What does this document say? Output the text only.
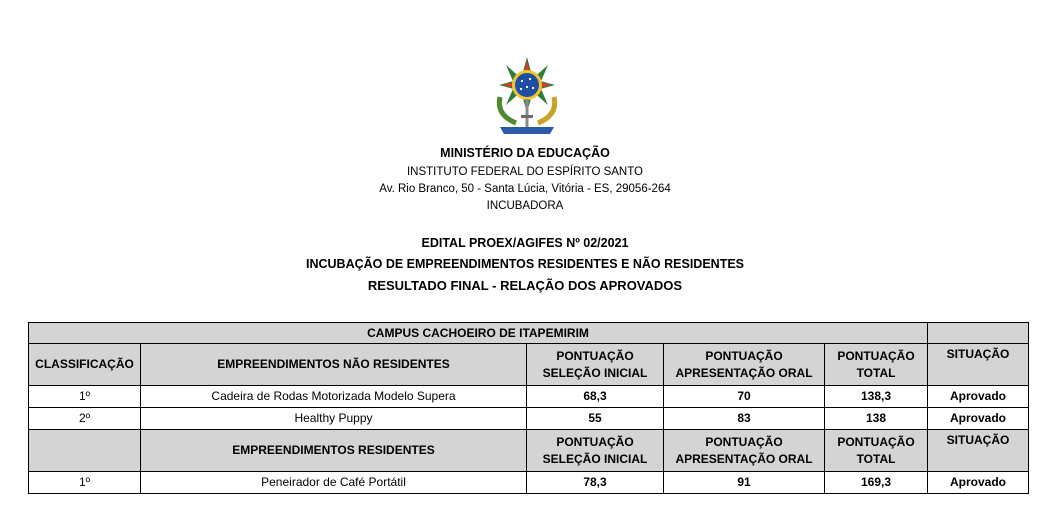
MINISTÉRIO DA EDUCAÇÃO
INSTITUTO FEDERAL DO ESPÍRITO SANTO
Av. Rio Branco, 50 - Santa Lúcia, Vitória - ES, 29056-264
INCUBADORA
EDITAL PROEX/AGIFES Nº 02/2021
INCUBAÇÃO DE EMPREENDIMENTOS RESIDENTES E NÃO RESIDENTES
RESULTADO FINAL - RELAÇÃO DOS APROVADOS
CAMPUS CACHOEIRO DE ITAPEMIRIM					
CLASSIFICAÇÃO	EMPREENDIMENTOS NÃO RESIDENTES	PONTUAÇÃO SELEÇÃO INICIAL	PONTUAÇÃO APRESENTAÇÃO ORAL	PONTUAÇÃO TOTAL	SITUAÇÃO
1º	Cadeira de Rodas Motorizada Modelo Supera	68,3	70	138,3	Aprovado
2º	Healthy Puppy	55	83	138	Aprovado
	EMPREENDIMENTOS RESIDENTES	PONTUAÇÃO SELEÇÃO INICIAL	PONTUAÇÃO APRESENTAÇÃO ORAL	PONTUAÇÃO TOTAL	SITUAÇÃO
1º	Peneirador de Café Portátil	78,3	91	169,3	Aprovado
